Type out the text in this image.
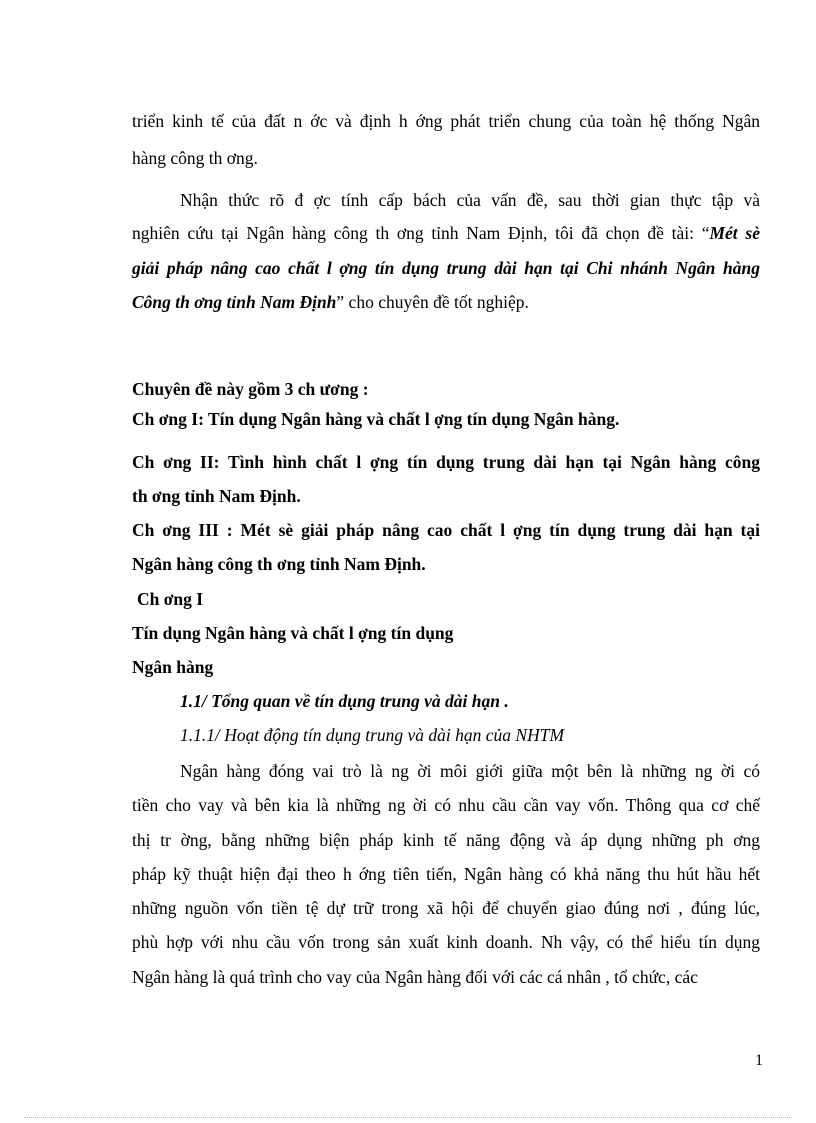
triển kinh tế của đất n ớc và định h ớng phát triển chung của toàn hệ thống Ngân
hàng công th ơng.
Nhận thức rõ đ ợc tính cấp bách của vấn đề, sau thời gian thực tập và
nghiên cứu tại Ngân hàng công th ơng tỉnh Nam Định, tôi đã chọn đề tài: “Mét sè
giải pháp nâng cao chất l ợng tín dụng trung dài hạn tại Chi nhánh Ngân hàng
Công th ơng tỉnh Nam Định” cho chuyên đề tốt nghiệp.
Chuyên đề này gồm 3 ch ương :
Ch ơng I: Tín dụng Ngân hàng và chất l ợng tín dụng Ngân hàng.
Ch ơng II: Tình hình chất l ợng tín dụng trung dài hạn tại Ngân hàng công
th ơng tỉnh Nam Định.
Ch ơng III : Mét sè giải pháp nâng cao chất l ợng tín dụng trung dài hạn tại
Ngân hàng công th ơng tỉnh Nam Định.
Ch ơng I
Tín dụng Ngân hàng và chất l ợng tín dụng
Ngân hàng
1.1/ Tổng quan về tín dụng trung và dài hạn .
1.1.1/ Hoạt động tín dụng trung và dài hạn của NHTM
Ngân hàng đóng vai trò là ng ời môi giới giữa một bên là những ng ời có
tiền cho vay và bên kia là những ng ời có nhu cầu cần vay vốn. Thông qua cơ chế
thị tr ờng, bằng những biện pháp kinh tế năng động và áp dụng những ph ơng
pháp kỹ thuật hiện đại theo h ớng tiên tiến, Ngân hàng có khả năng thu hút hầu hết
những nguồn vốn tiền tệ dự trữ trong xã hội để chuyển giao đúng nơi , đúng lúc,
phù hợp với nhu cầu vốn trong sản xuất kinh doanh. Nh vậy, có thể hiểu tín dụng
Ngân hàng là quá trình cho vay của Ngân hàng đối với các cá nhân , tổ chức, các
1
